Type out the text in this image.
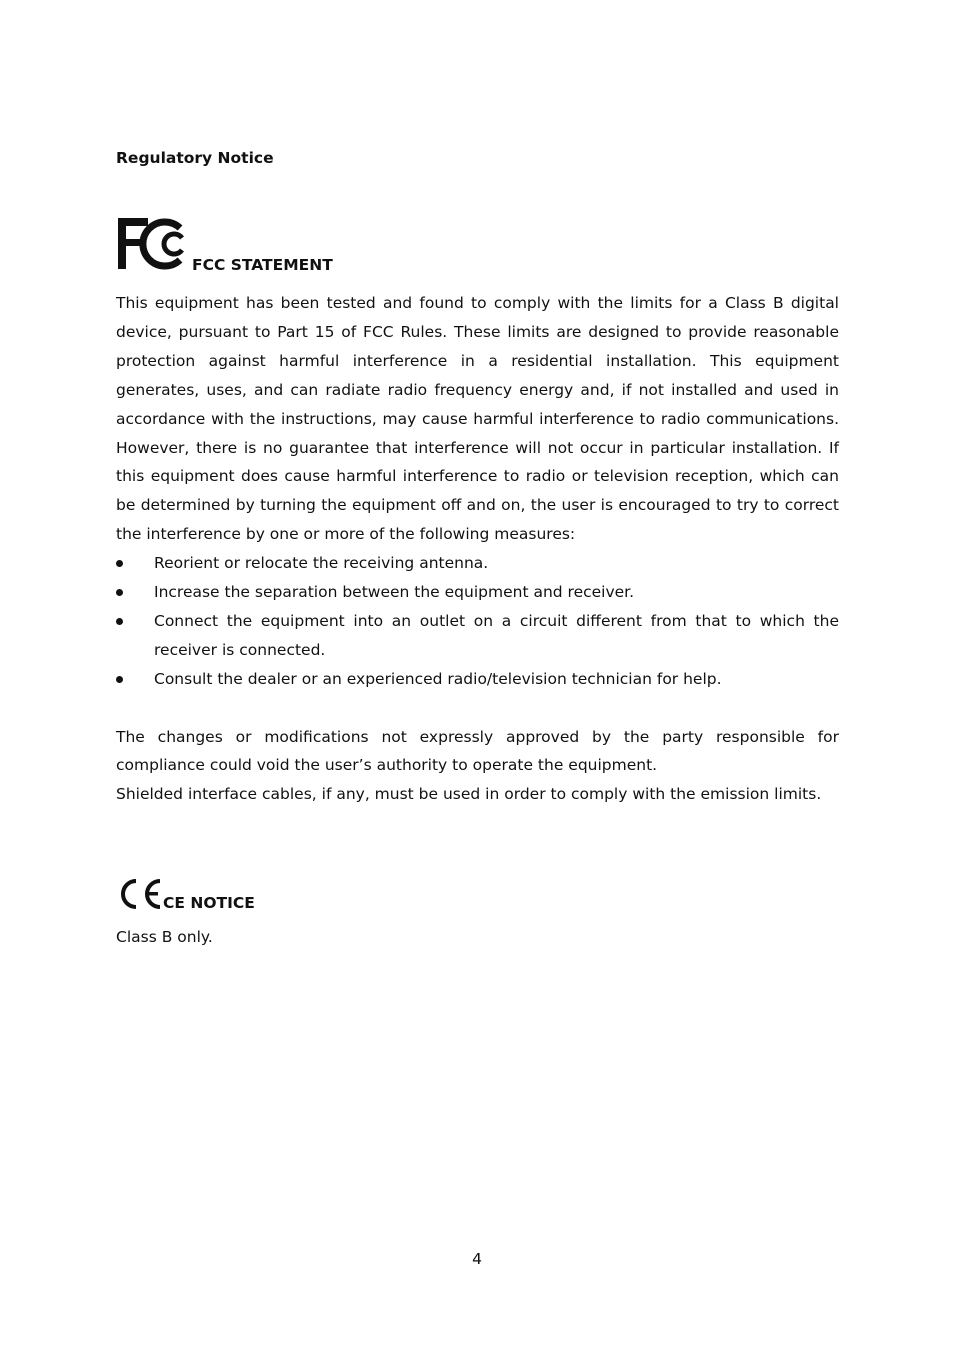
Regulatory Notice
FCC STATEMENT

This equipment has been tested and found to comply with the limits for a Class B digital device, pursuant to Part 15 of FCC Rules. These limits are designed to provide reasonable protection against harmful interference in a residential installation. This equipment generates, uses, and can radiate radio frequency energy and, if not installed and used in accordance with the instructions, may cause harmful interference to radio communications. However, there is no guarantee that interference will not occur in particular installation. If this equipment does cause harmful interference to radio or television reception, which can be determined by turning the equipment off and on, the user is encouraged to try to correct the interference by one or more of the following measures:

Reorient or relocate the receiving antenna.
Increase the separation between the equipment and receiver.
Connect the equipment into an outlet on a circuit different from that to which the receiver is connected.
Consult the dealer or an experienced radio/television technician for help.

The changes or modifications not expressly approved by the party responsible for compliance could void the user’s authority to operate the equipment.

Shielded interface cables, if any, must be used in order to comply with the emission limits.

CE NOTICE
Class B only.
4
